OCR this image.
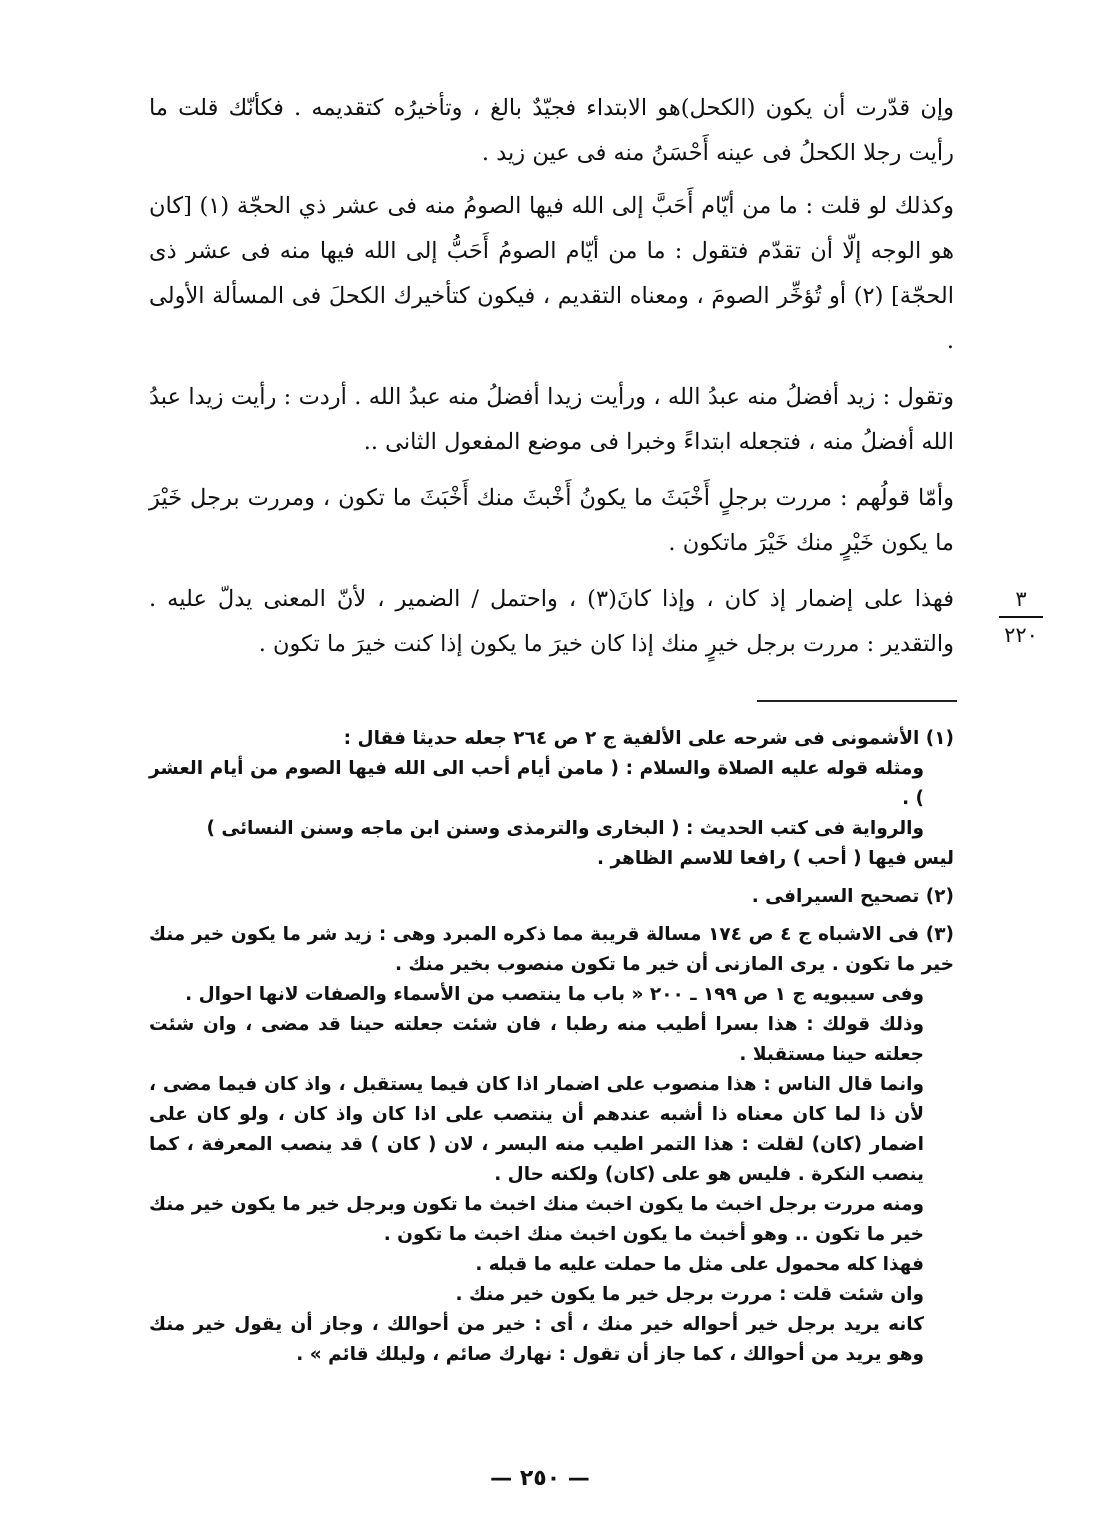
وإن قدّرت أن يكون (الكحل)هو الابتداء فجيّدٌ بالغ ، وتأخيرُه كتقديمه . فكأنّك قلت ما رأيت رجلا الكحلُ فى عينه أَحْسَنُ منه فى عين زيد .

وكذلك لو قلت : ما من أيّام أَحَبَّ إلى الله فيها الصومُ منه فى عشر ذي الحجّة (١) [كان هو الوجه إلّا أن تقدّم فتقول : ما من أيّام الصومُ أَحَبُّ إلى الله فيها منه فى عشر ذى الحجّة] (٢) أو تُؤخِّر الصومَ ، ومعناه التقديم ، فيكون كتأخيرك الكحلَ فى المسألة الأولى .

وتقول : زيد أفضلُ منه عبدُ الله ، ورأيت زيدا أفضلُ منه عبدُ الله . أردت : رأيت زيدا عبدُ الله أفضلُ منه ، فتجعله ابتداءً وخبرا فى موضع المفعول الثانى ..

وأمّا قولُهم : مررت برجلٍ أَخْبَثَ ما يكونُ أَخْبثَ منك أَخْبَثَ ما تكون ، ومررت برجل خَيْرَ ما يكون خَيْرٍ منك خَيْرَ ماتكون .

فهذا على إضمار إذ كان ، وإذا كانَ(٣) ، واحتمل / الضمير ، لأنّ المعنى يدلّ عليه . والتقدير : مررت برجل خيرٍ منك إذا كان خيرَ ما يكون إذا كنت خيرَ ما تكون .

٣
٢٢٠

(١) الأشمونى فى شرحه على الألفية ج ٢ ص ٢٦٤ جعله حديثا فقال :

ومثله قوله عليه الصلاة والسلام : ( مامن أيام أحب الى الله فيها الصوم من أيام العشر ) .

والرواية فى كتب الحديث : ( البخارى والترمذى وسنن ابن ماجه وسنن النسائى )

ليس فيها ( أحب ) رافعا للاسم الظاهر .

(٢) تصحيح السيرافى .

(٣) فى الاشباه ج ٤ ص ١٧٤ مسالة قريبة مما ذكره المبرد وهى : زيد شر ما يكون خير منك خير ما تكون . يرى المازنى أن خير ما تكون منصوب بخير منك .

وفى سيبويه ج ١ ص ١٩٩ ـ ٢٠٠ « باب ما ينتصب من الأسماء والصفات لانها احوال .

وذلك قولك : هذا بسرا أطيب منه رطبا ، فان شئت جعلته حينا قد مضى ، وان شئت جعلته حينا مستقبلا .

وانما قال الناس : هذا منصوب على اضمار اذا كان فيما يستقبل ، واذ كان فيما مضى ، لأن ذا لما كان معناه ذا أشبه عندهم أن ينتصب على اذا كان واذ كان ، ولو كان على اضمار (كان) لقلت : هذا التمر اطيب منه البسر ، لان ( كان ) قد ينصب المعرفة ، كما ينصب النكرة . فليس هو على (كان) ولكنه حال .

ومنه مررت برجل اخبث ما يكون اخبث منك اخبث ما تكون وبرجل خير ما يكون خير منك خير ما تكون .. وهو أخبث ما يكون اخبث منك اخبث ما تكون .

فهذا كله محمول على مثل ما حملت عليه ما قبله .

وان شئت قلت : مررت برجل خير ما يكون خير منك .

كانه يريد برجل خير أحواله خير منك ، أى : خير من أحوالك ، وجاز أن يقول خير منك وهو يريد من أحوالك ، كما جاز أن تقول : نهارك صائم ، وليلك قائم » .

— ٢٥٠ —
